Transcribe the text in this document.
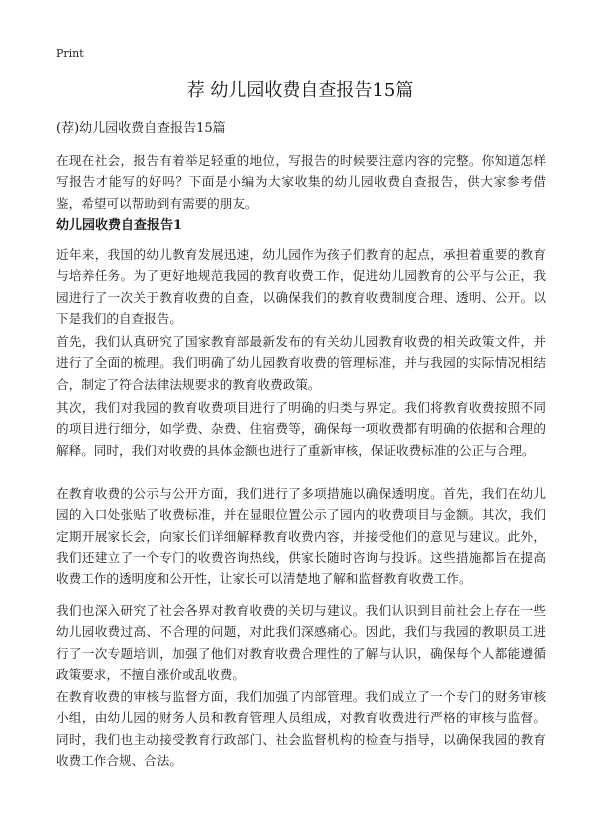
Print
荐 幼儿园收费自查报告15篇
(荐)幼儿园收费自查报告15篇

在现在社会，报告有着举足轻重的地位，写报告的时候要注意内容的完整。你知道怎样写报告才能写的好吗？下面是小编为大家收集的幼儿园收费自查报告，供大家参考借鉴，希望可以帮助到有需要的朋友。

幼儿园收费自查报告1

近年来，我国的幼儿教育发展迅速，幼儿园作为孩子们教育的起点，承担着重要的教育与培养任务。为了更好地规范我园的教育收费工作，促进幼儿园教育的公平与公正，我园进行了一次关于教育收费的自查，以确保我们的教育收费制度合理、透明、公开。以下是我们的自查报告。

首先，我们认真研究了国家教育部最新发布的有关幼儿园教育收费的相关政策文件，并进行了全面的梳理。我们明确了幼儿园教育收费的管理标准，并与我园的实际情况相结合，制定了符合法律法规要求的教育收费政策。

其次，我们对我园的教育收费项目进行了明确的归类与界定。我们将教育收费按照不同的项目进行细分，如学费、杂费、住宿费等，确保每一项收费都有明确的依据和合理的解释。同时，我们对收费的具体金额也进行了重新审核，保证收费标准的公正与合理。

在教育收费的公示与公开方面，我们进行了多项措施以确保透明度。首先，我们在幼儿园的入口处张贴了收费标准，并在显眼位置公示了园内的收费项目与金额。其次，我们定期开展家长会，向家长们详细解释教育收费内容，并接受他们的意见与建议。此外，我们还建立了一个专门的收费咨询热线，供家长随时咨询与投诉。这些措施都旨在提高收费工作的透明度和公开性，让家长可以清楚地了解和监督教育收费工作。

我们也深入研究了社会各界对教育收费的关切与建议。我们认识到目前社会上存在一些幼儿园收费过高、不合理的问题，对此我们深感痛心。因此，我们与我园的教职员工进行了一次专题培训，加强了他们对教育收费合理性的了解与认识，确保每个人都能遵循政策要求，不擅自涨价或乱收费。

在教育收费的审核与监督方面，我们加强了内部管理。我们成立了一个专门的财务审核小组，由幼儿园的财务人员和教育管理人员组成，对教育收费进行严格的审核与监督。同时，我们也主动接受教育行政部门、社会监督机构的检查与指导，以确保我园的教育收费工作合规、合法。
